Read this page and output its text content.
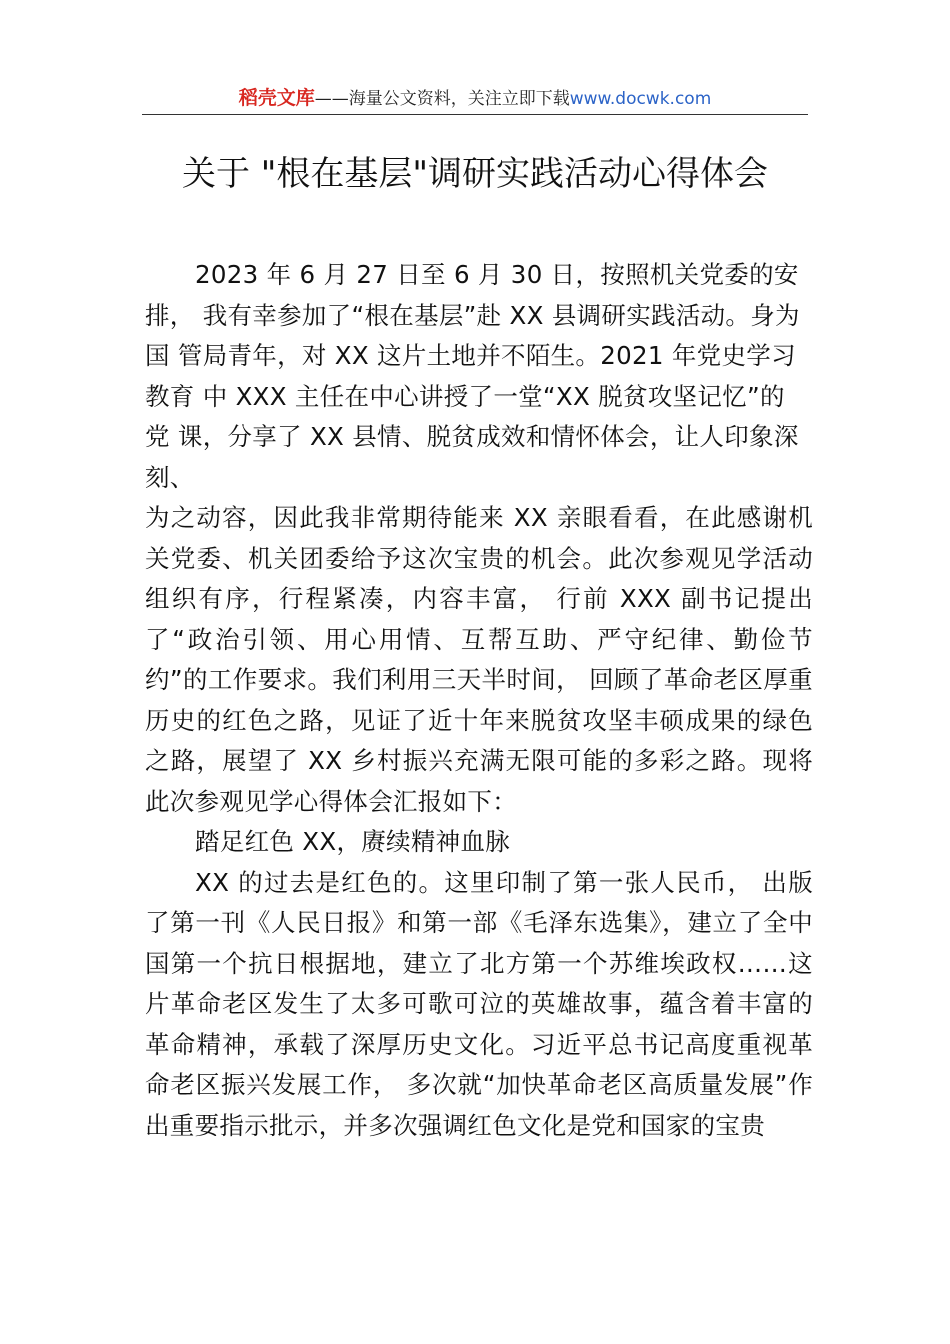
稻壳文库——海量公文资料，关注立即下载www.docwk.com
关于 "根在基层"调研实践活动心得体会
2023 年 6 月 27 日至 6 月 30 日，按照机关党委的安
排， 我有幸参加了“根在基层”赴 XX 县调研实践活动。身为
国 管局青年，对 XX 这片土地并不陌生。2021 年党史学习
教育 中 XXX 主任在中心讲授了一堂“XX 脱贫攻坚记忆”的
党 课，分享了 XX 县情、脱贫成效和情怀体会，让人印象深
刻、

为之动容，因此我非常期待能来 XX 亲眼看看，在此感谢机关党委、机关团委给予这次宝贵的机会。此次参观见学活动组织有序，行程紧凑，内容丰富， 行前 XXX 副书记提出了“政治引领、用心用情、互帮互助、严守纪律、勤俭节约”的工作要求。我们利用三天半时间， 回顾了革命老区厚重历史的红色之路，见证了近十年来脱贫攻坚丰硕成果的绿色之路，展望了 XX 乡村振兴充满无限可能的多彩之路。现将此次参观见学心得体会汇报如下：

踏足红色 XX，赓续精神血脉

XX 的过去是红色的。这里印制了第一张人民币， 出版了第一刊《人民日报》和第一部《毛泽东选集》，建立了全中国第一个抗日根据地，建立了北方第一个苏维埃政权……这片革命老区发生了太多可歌可泣的英雄故事，蕴含着丰富的革命精神，承载了深厚历史文化。习近平总书记高度重视革命老区振兴发展工作， 多次就“加快革命老区高质量发展”作出重要指示批示，并多次强调红色文化是党和国家的宝贵
